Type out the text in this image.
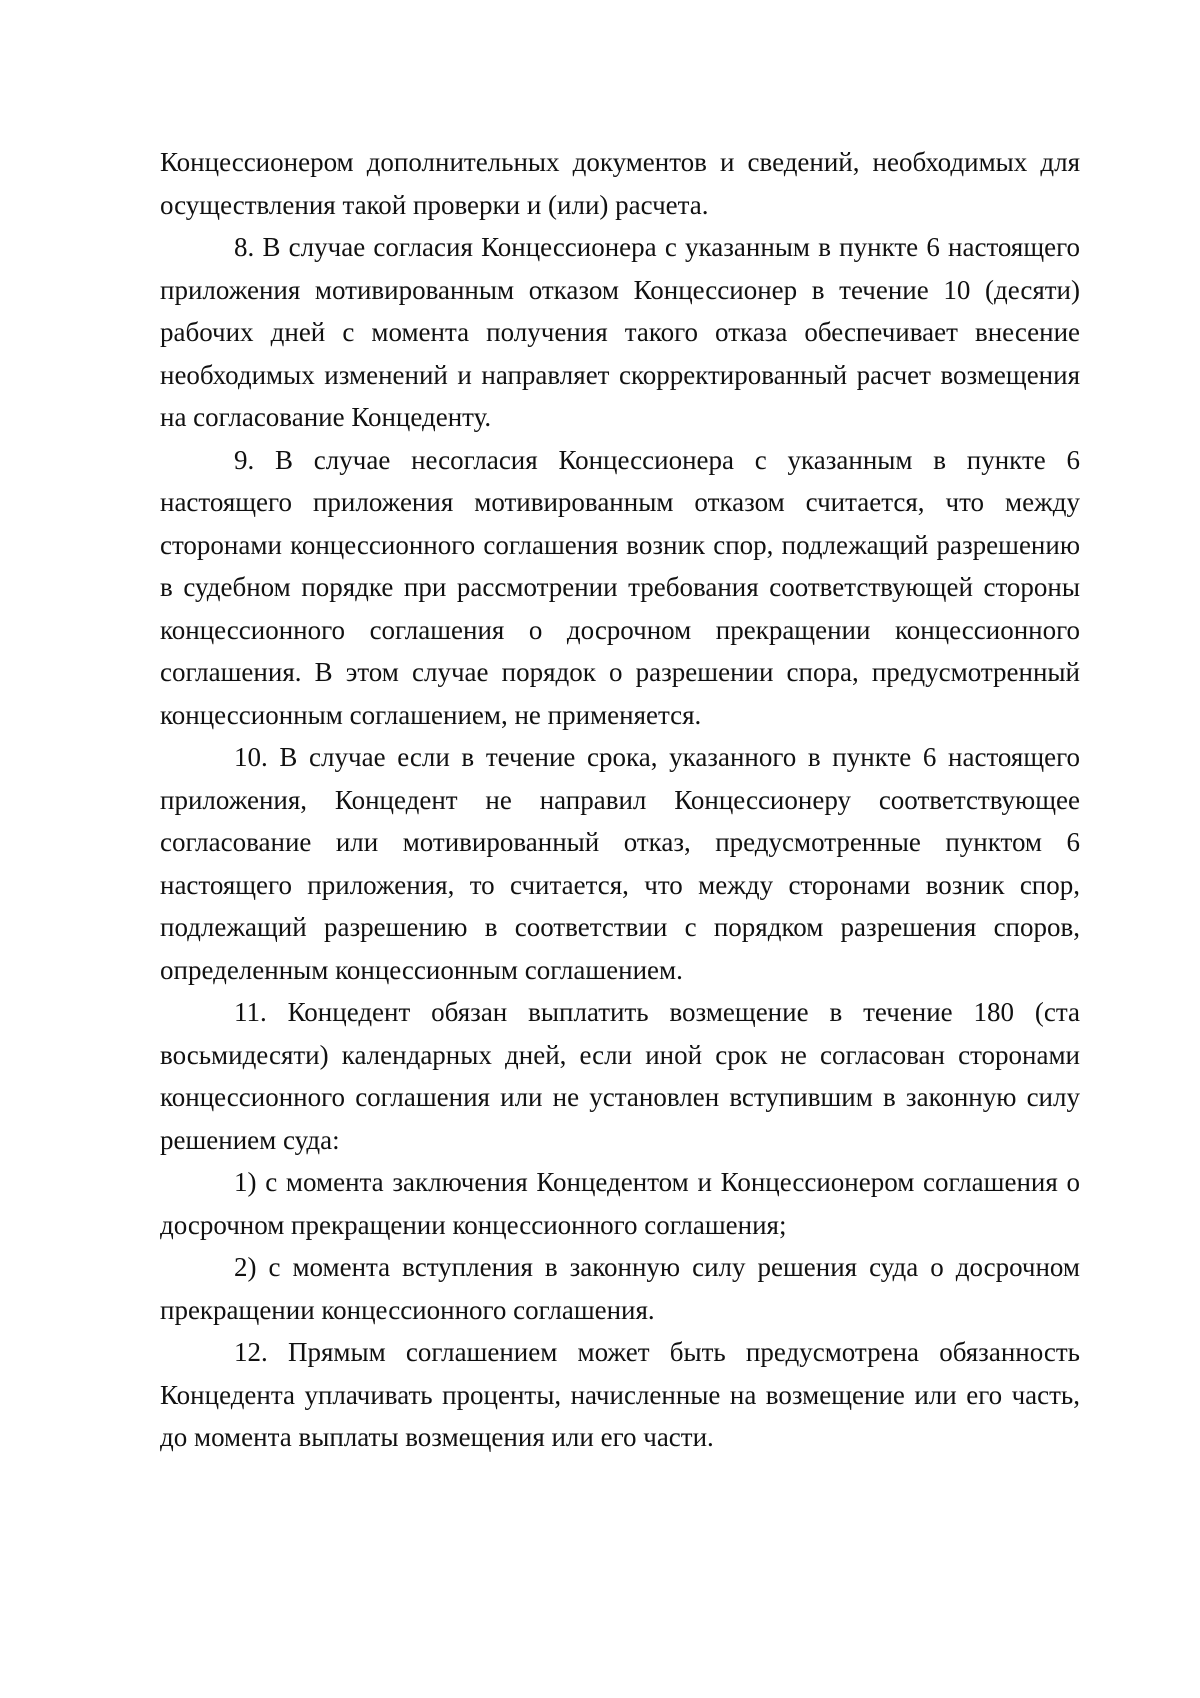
Концессионером дополнительных документов и сведений, необходимых для осуществления такой проверки и (или) расчета.

8. В случае согласия Концессионера с указанным в пункте 6 настоящего приложения мотивированным отказом Концессионер в течение 10 (десяти) рабочих дней с момента получения такого отказа обеспечивает внесение необходимых изменений и направляет скорректированный расчет возмещения на согласование Концеденту.

9. В случае несогласия Концессионера с указанным в пункте 6 настоящего приложения мотивированным отказом считается, что между сторонами концессионного соглашения возник спор, подлежащий разрешению в судебном порядке при рассмотрении требования соответствующей стороны концессионного соглашения о досрочном прекращении концессионного соглашения. В этом случае порядок о разрешении спора, предусмотренный концессионным соглашением, не применяется.

10. В случае если в течение срока, указанного в пункте 6 настоящего приложения, Концедент не направил Концессионеру соответствующее согласование или мотивированный отказ, предусмотренные пунктом 6 настоящего приложения, то считается, что между сторонами возник спор, подлежащий разрешению в соответствии с порядком разрешения споров, определенным концессионным соглашением.

11. Концедент обязан выплатить возмещение в течение 180 (ста восьмидесяти) календарных дней, если иной срок не согласован сторонами концессионного соглашения или не установлен вступившим в законную силу решением суда:

1) с момента заключения Концедентом и Концессионером соглашения о досрочном прекращении концессионного соглашения;

2) с момента вступления в законную силу решения суда о досрочном прекращении концессионного соглашения.

12. Прямым соглашением может быть предусмотрена обязанность Концедента уплачивать проценты, начисленные на возмещение или его часть, до момента выплаты возмещения или его части.
